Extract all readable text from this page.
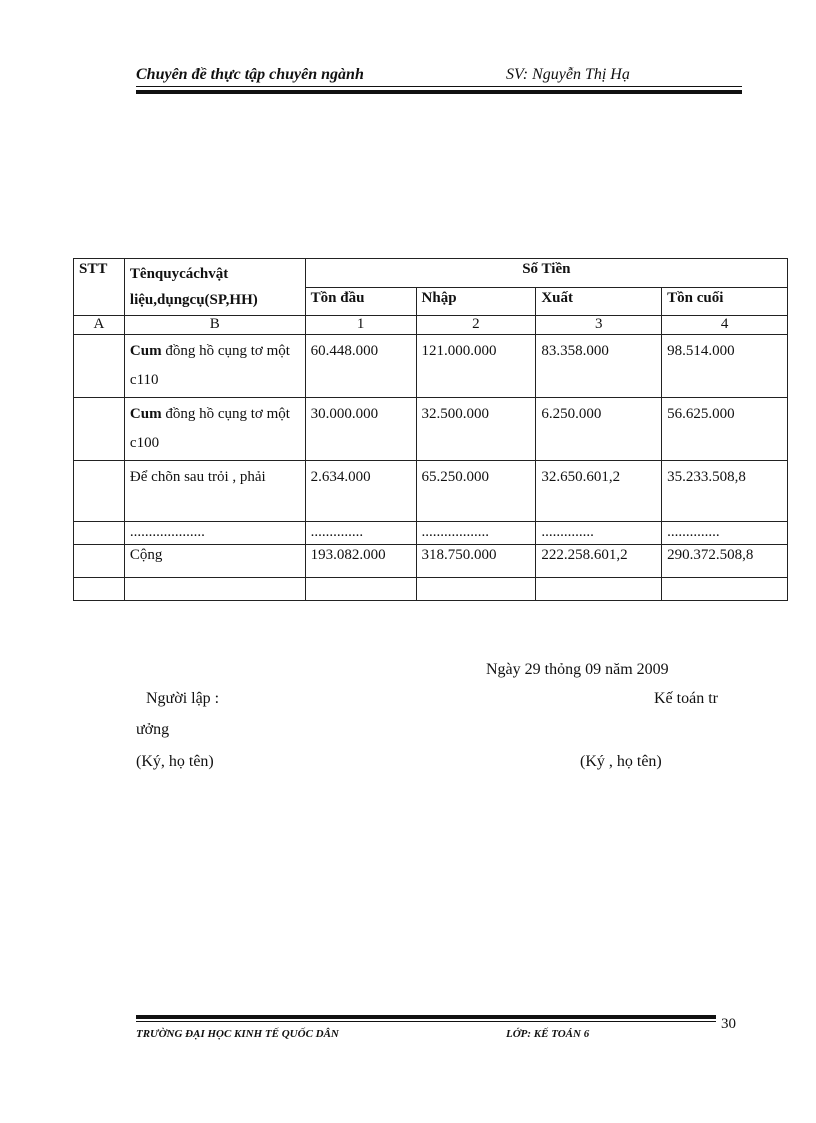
Chuyên đề thực tập chuyên ngành	SV: Nguyễn Thị Hạ
STT	Tênquycáchvật liệu,dụngcụ(SP,HH)	Số Tiền			
		Tồn đầu	Nhập	Xuất	Tồn cuối
A	B	1	2	3	4
	Cum đồng hồ cụng tơ một c110	60.448.000	121.000.000	83.358.000	98.514.000
	Cum đồng hồ cụng tơ một c100	30.000.000	32.500.000	6.250.000	56.625.000
	Để chõn sau trỏi , phải	2.634.000	65.250.000	32.650.601,2	35.233.508,8
	....................	..............	..................	..............	..............
	Cộng	193.082.000	318.750.000	222.258.601,2	290.372.508,8

Ngày 29 thỏng 09 năm 2009
Người lập :	Kế toán tr
ưởng
(Ký, họ tên)	(Ký , họ tên)
TRƯỜNG ĐẠI HỌC KINH TẾ QUỐC DÂN	LỚP: KẾ TOÁN 6
30
